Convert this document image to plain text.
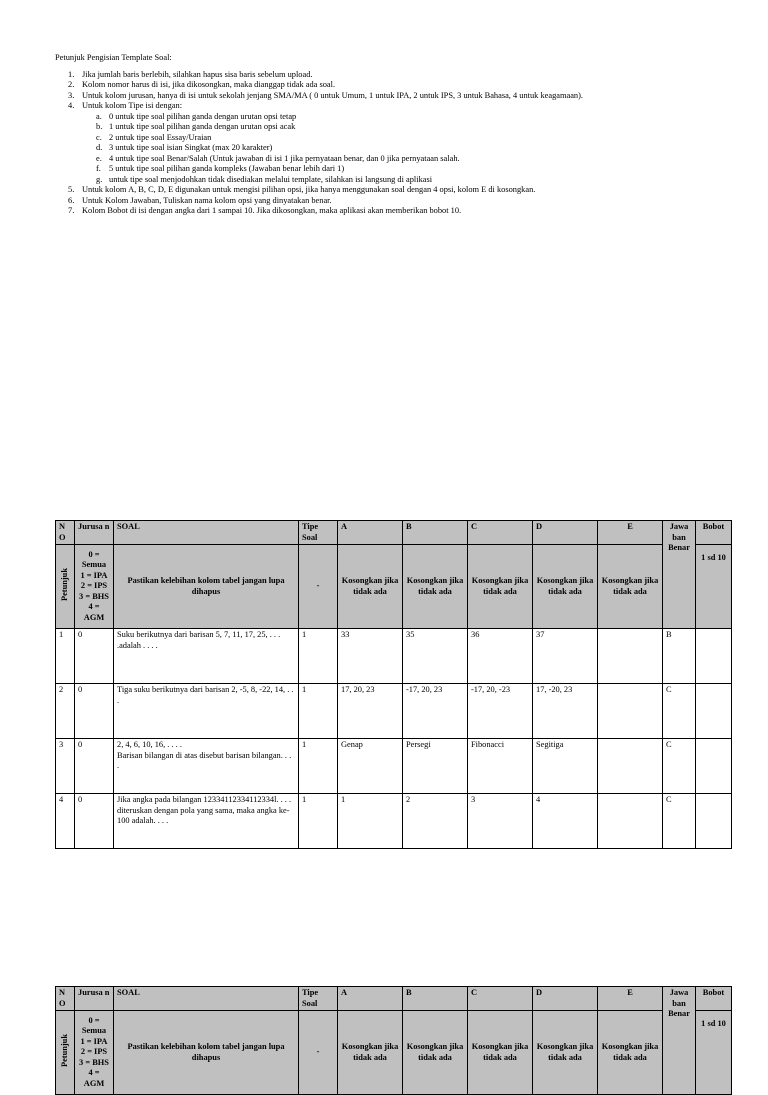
Petunjuk Pengisian Template Soal:

1. Jika jumlah baris berlebih, silahkan hapus sisa baris sebelum upload.
2. Kolom nomor harus di isi, jika dikosongkan, maka dianggap tidak ada soal.
3. Untuk kolom jurusan, hanya di isi untuk sekolah jenjang SMA/MA ( 0 untuk Umum, 1 untuk IPA, 2 untuk IPS, 3 untuk Bahasa, 4 untuk keagamaan).
4. Untuk kolom Tipe isi dengan:
a. 0 untuk tipe soal pilihan ganda dengan urutan opsi tetap
b. 1 untuk tipe soal pilihan ganda dengan urutan opsi acak
c. 2 untuk tipe soal Essay/Uraian
d. 3 untuk tipe soal isian Singkat (max 20 karakter)
e. 4 untuk tipe soal Benar/Salah (Untuk jawaban di isi 1 jika pernyataan benar, dan 0 jika pernyataan salah.
f. 5 untuk tipe soal pilihan ganda kompleks (Jawaban benar lebih dari 1)
g. untuk tipe soal menjodohkan tidak disediakan melalui template, silahkan isi langsung di aplikasi
5. Untuk kolom A, B, C, D, E digunakan untuk mengisi pilihan opsi, jika hanya menggunakan soal dengan 4 opsi, kolom E di kosongkan.
6. Untuk Kolom Jawaban, Tuliskan nama kolom opsi yang dinyatakan benar.
7. Kolom Bobot di isi dengan angka dari 1 sampai 10. Jika dikosongkan, maka aplikasi akan memberikan bobot 10.
N O	Jurusa n	SOAL	Tipe Soal	A	B	C	D	E	Jawa ban Benar	Bobot
Petunjuk	0 = Semua
1 = IPA
2 = IPS
3 = BHS
4 = AGM	Pastikan kelebihan kolom tabel jangan lupa dihapus	-	Kosongkan jika tidak ada	Kosongkan jika tidak ada	Kosongkan jika tidak ada	Kosongkan jika tidak ada	Kosongkan jika tidak ada		1 sd 10
1	0	Suku berikutnya dari barisan 5, 7, 11, 17, 25, . . . .adalah . . . .	1	33	35	36	37		B	
2	0	Tiga suku berikutnya dari barisan 2, -5, 8, -22, 14, . . .	1	17, 20, 23	-17, 20, 23	-17, 20, -23	17, -20, 23		C	
3	0	2, 4, 6, 10, 16, . . . .
Barisan bilangan di atas disebut barisan bilangan. . . .	1	Genap	Persegi	Fibonacci	Segitiga		C	
4	0	Jika angka pada bilangan 12334112334112334l. . . . diteruskan dengan pola yang sama, maka angka ke-100 adalah. . . .	1	1	2	3	4		C	
N O	Jurusa n	SOAL	Tipe Soal	A	B	C	D	E	Jawa ban Benar	Bobot
Petunjuk	0 = Semua
1 = IPA
2 = IPS
3 = BHS
4 = AGM	Pastikan kelebihan kolom tabel jangan lupa dihapus	-	Kosongkan jika tidak ada	Kosongkan jika tidak ada	Kosongkan jika tidak ada	Kosongkan jika tidak ada	Kosongkan jika tidak ada		1 sd 10
